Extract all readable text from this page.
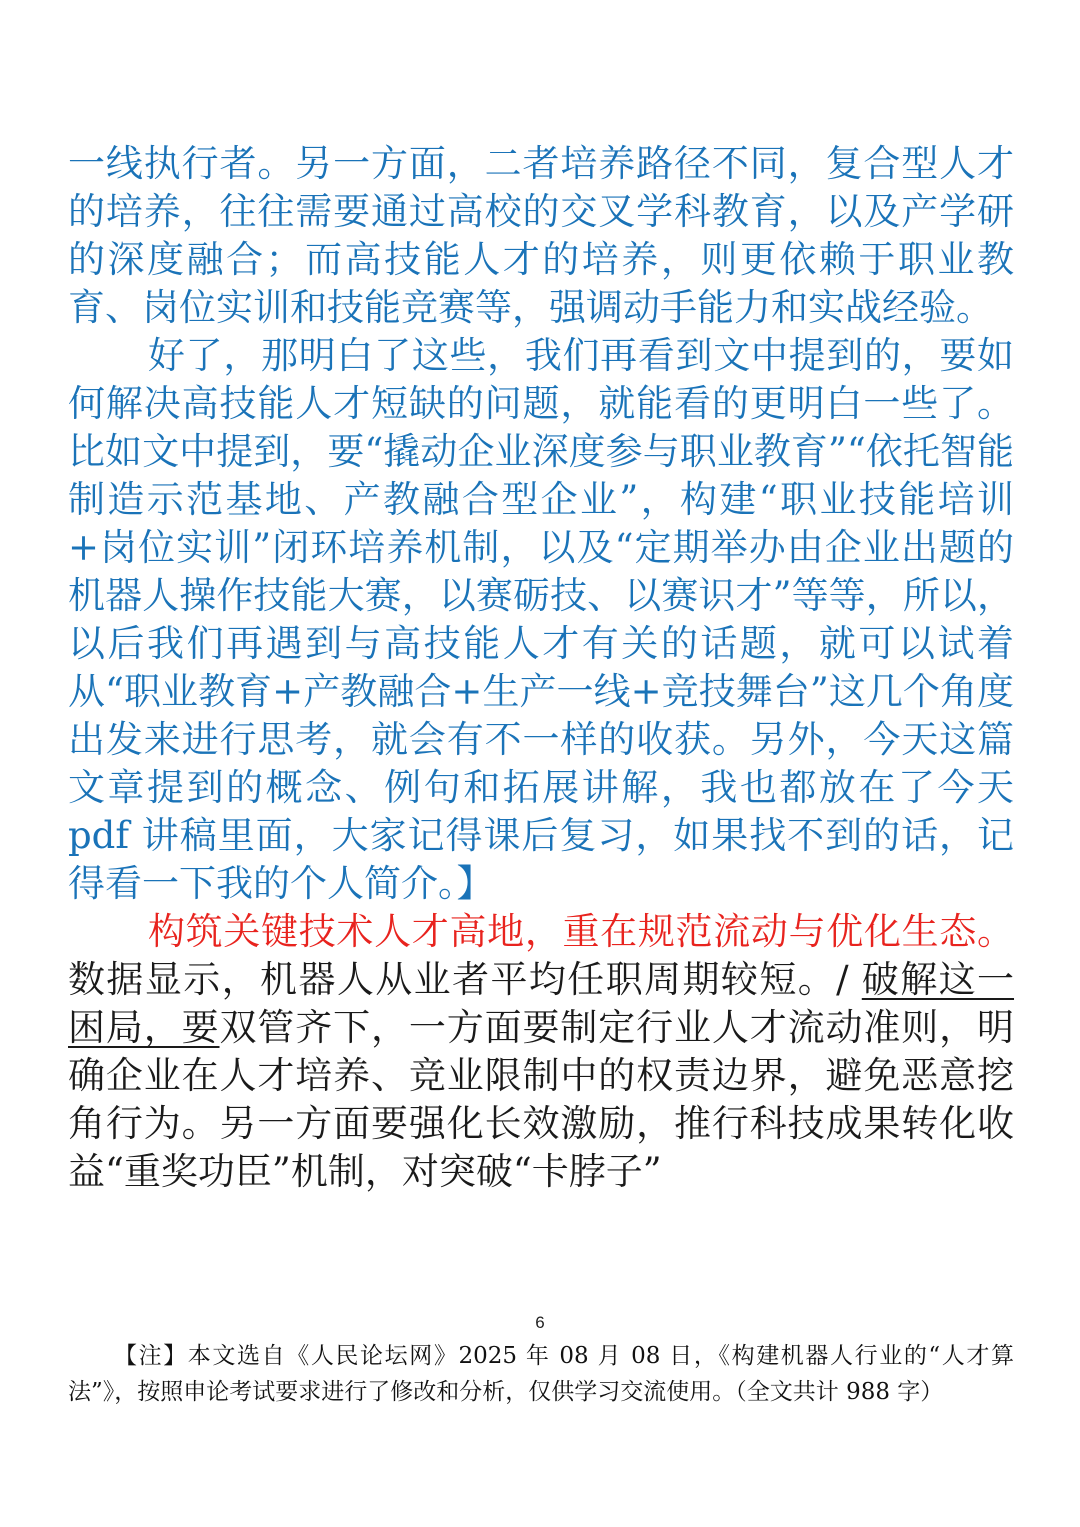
一线执行者。另一方面，二者培养路径不同，复合型人才的培养，往往需要通过高校的交叉学科教育，以及产学研的深度融合；而高技能人才的培养，则更依赖于职业教育、岗位实训和技能竞赛等，强调动手能力和实战经验。

好了，那明白了这些，我们再看到文中提到的，要如何解决高技能人才短缺的问题，就能看的更明白一些了。比如文中提到，要“撬动企业深度参与职业教育”“依托智能制造示范基地、产教融合型企业”，构建“职业技能培训+岗位实训”闭环培养机制，以及“定期举办由企业出题的机器人操作技能大赛，以赛砺技、以赛识才”等等，所以，以后我们再遇到与高技能人才有关的话题，就可以试着从“职业教育+产教融合+生产一线+竞技舞台”这几个角度出发来进行思考，就会有不一样的收获。另外，今天这篇文章提到的概念、例句和拓展讲解，我也都放在了今天 pdf 讲稿里面，大家记得课后复习，如果找不到的话，记得看一下我的个人简介。】

构筑关键技术人才高地，重在规范流动与优化生态。数据显示，机器人从业者平均任职周期较短。/ 破解这一困局，要双管齐下，一方面要制定行业人才流动准则，明确企业在人才培养、竞业限制中的权责边界，避免恶意挖角行为。另一方面要强化长效激励，推行科技成果转化收益“重奖功臣”机制，对突破“卡脖子”

6

【注】本文选自《人民论坛网》2025 年 08 月 08 日，《构建机器人行业的“人才算法”》，按照申论考试要求进行了修改和分析，仅供学习交流使用。（全文共计 988 字）
